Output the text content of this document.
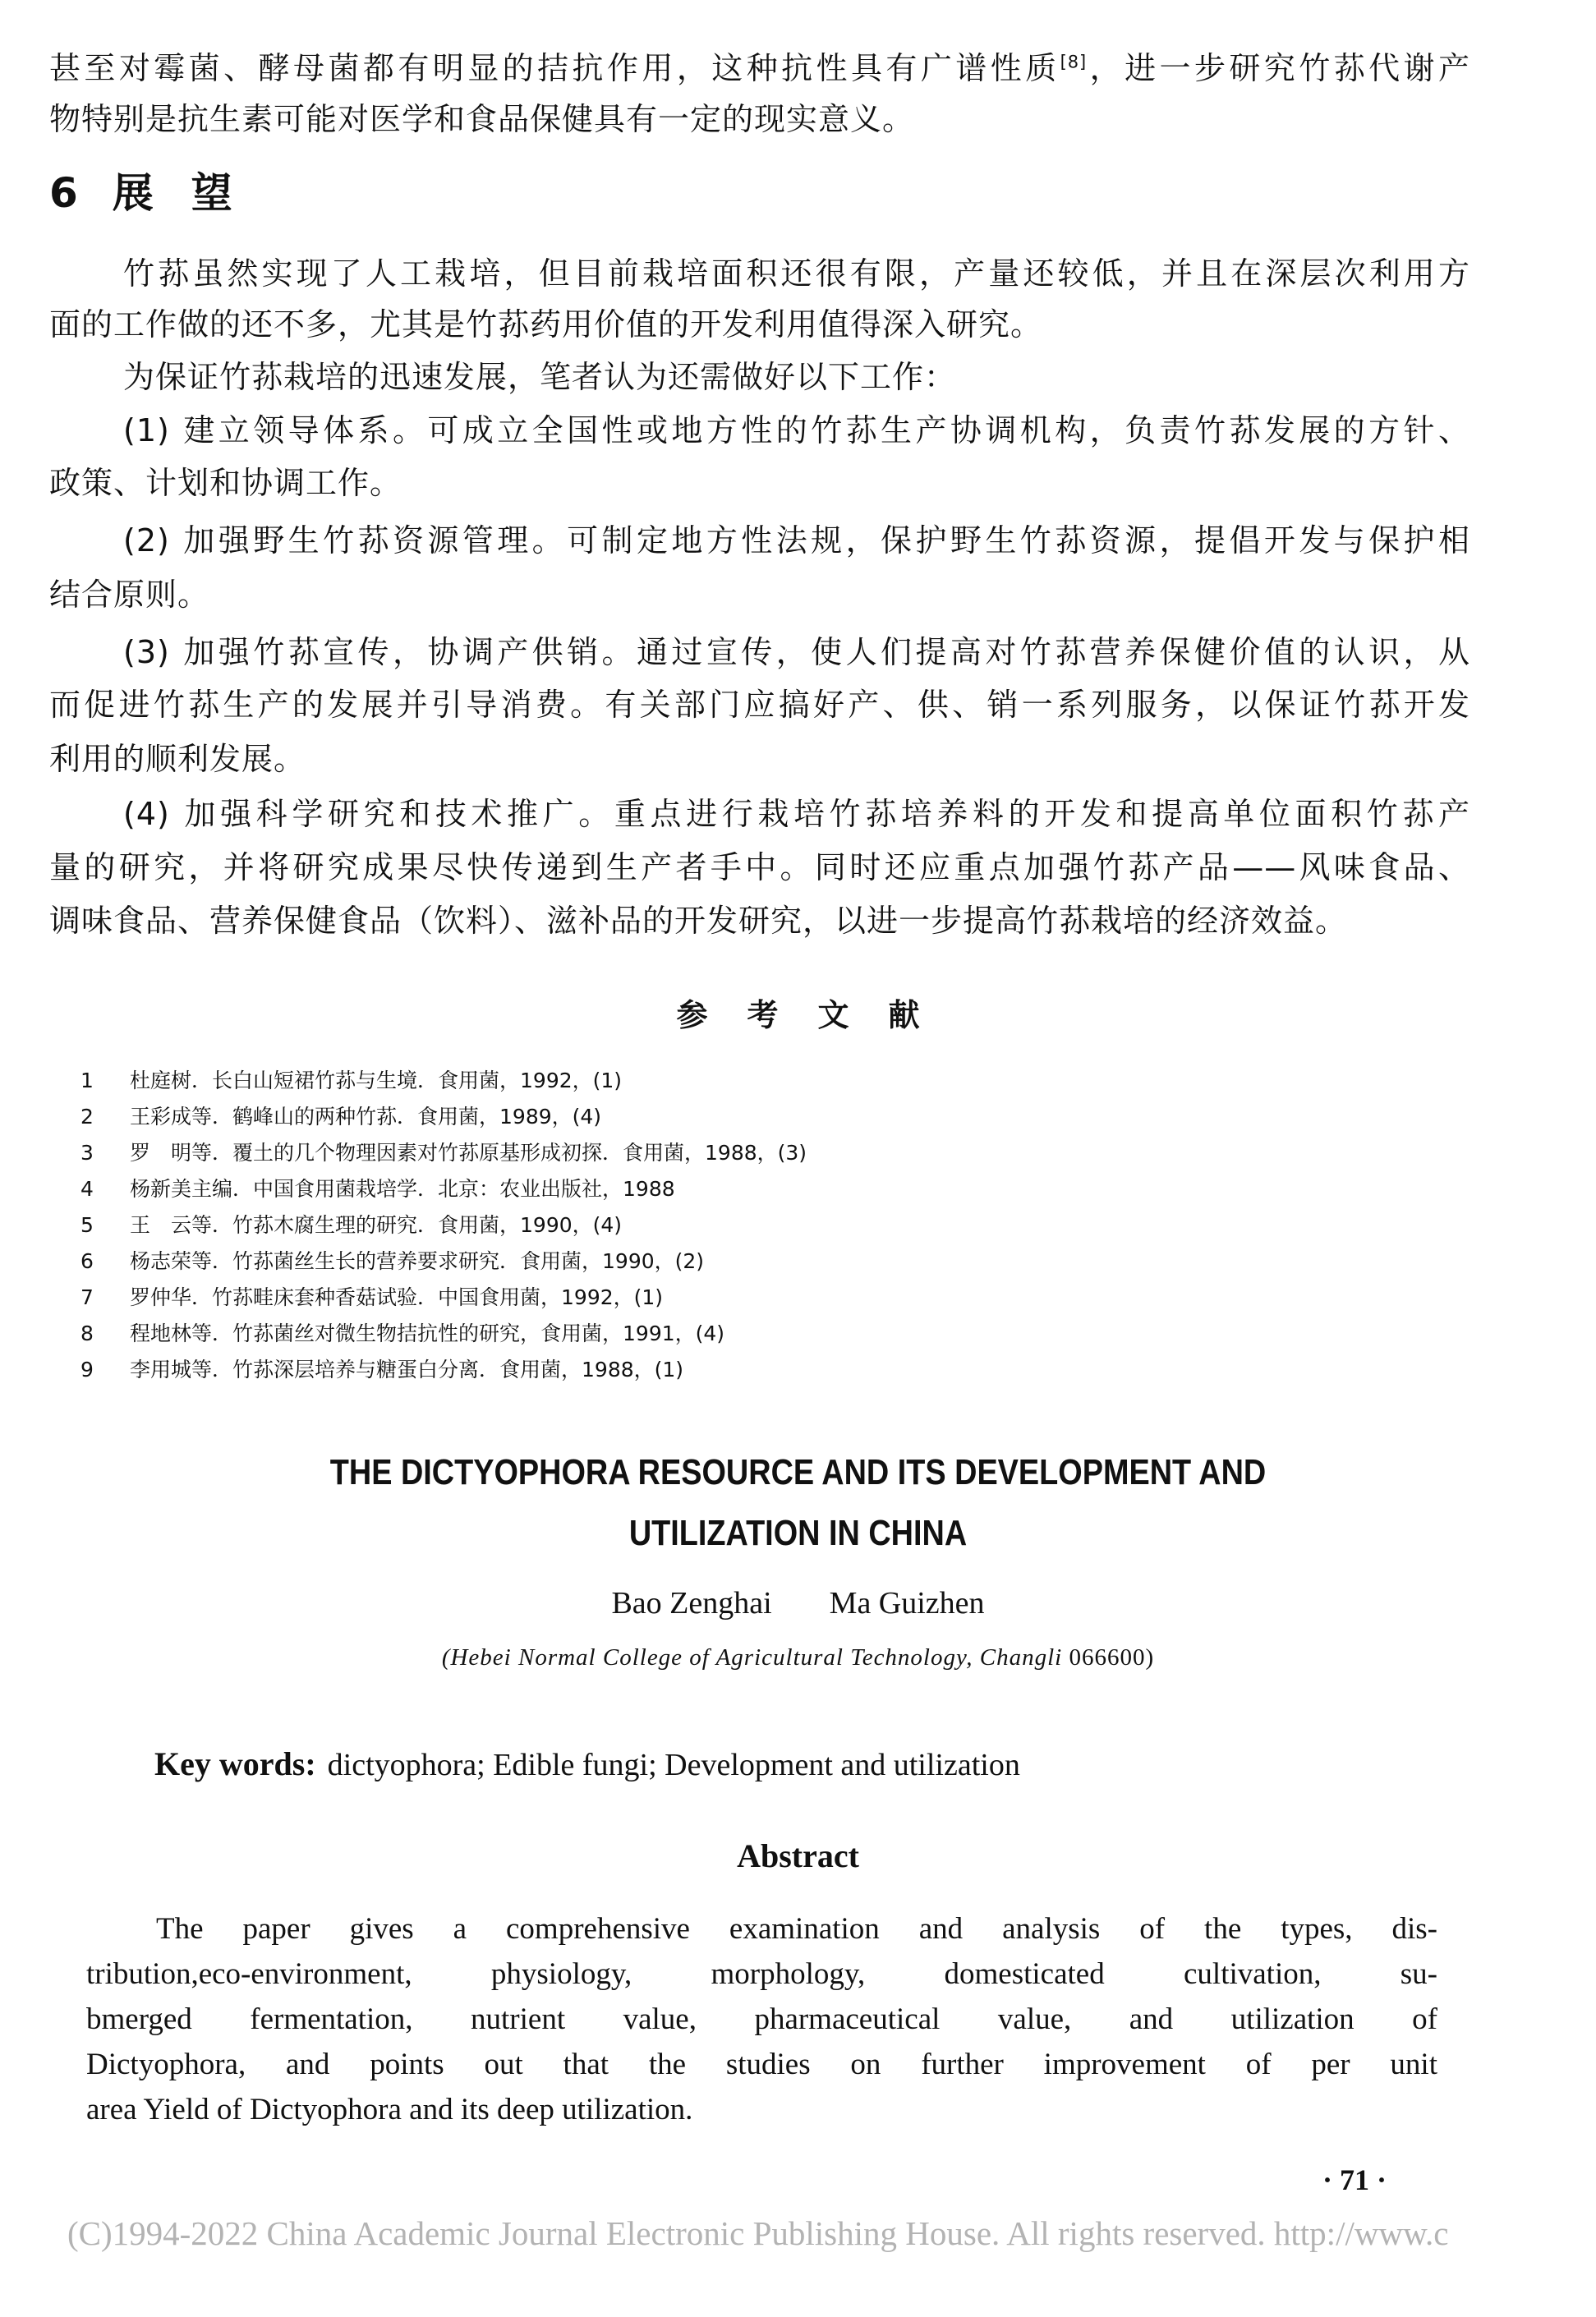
甚至对霉菌、酵母菌都有明显的拮抗作用，这种抗性具有广谱性质[8]，进一步研究竹荪代谢产
物特别是抗生素可能对医学和食品保健具有一定的现实意义。
6 展 望
竹荪虽然实现了人工栽培，但目前栽培面积还很有限，产量还较低，并且在深层次利用方
面的工作做的还不多，尤其是竹荪药用价值的开发利用值得深入研究。
为保证竹荪栽培的迅速发展，笔者认为还需做好以下工作：
(1) 建立领导体系。可成立全国性或地方性的竹荪生产协调机构，负责竹荪发展的方针、
政策、计划和协调工作。
(2) 加强野生竹荪资源管理。可制定地方性法规，保护野生竹荪资源，提倡开发与保护相
结合原则。
(3) 加强竹荪宣传，协调产供销。通过宣传，使人们提高对竹荪营养保健价值的认识，从
而促进竹荪生产的发展并引导消费。有关部门应搞好产、供、销一系列服务，以保证竹荪开发
利用的顺利发展。
(4) 加强科学研究和技术推广。重点进行栽培竹荪培养料的开发和提高单位面积竹荪产
量的研究，并将研究成果尽快传递到生产者手中。同时还应重点加强竹荪产品——风味食品、
调味食品、营养保健食品（饮料）、滋补品的开发研究，以进一步提高竹荪栽培的经济效益。
参 考 文 献
1 杜庭树．长白山短裙竹荪与生境．食用菌，1992，(1)
2 王彩成等．鹤峰山的两种竹荪．食用菌，1989，(4)
3 罗　明等．覆土的几个物理因素对竹荪原基形成初探．食用菌，1988，(3)
4 杨新美主编．中国食用菌栽培学．北京：农业出版社，1988
5 王　云等．竹荪木腐生理的研究．食用菌，1990，(4)
6 杨志荣等．竹荪菌丝生长的营养要求研究．食用菌，1990，(2)
7 罗仲华．竹荪畦床套种香菇试验．中国食用菌，1992，(1)
8 程地林等．竹荪菌丝对微生物拮抗性的研究，食用菌，1991，(4)
9 李用城等．竹荪深层培养与糖蛋白分离．食用菌，1988，(1)
THE DICTYOPHORA RESOURCE AND ITS DEVELOPMENT AND
UTILIZATION IN CHINA
Bao Zenghai Ma Guizhen
(Hebei Normal College of Agricultural Technology, Changli 066600)
Key words: dictyophora; Edible fungi; Development and utilization
Abstract
The paper gives a comprehensive examination and analysis of the types, dis-
tribution,eco-environment, physiology, morphology, domesticated cultivation, su-
bmerged fermentation, nutrient value, pharmaceutical value, and utilization of
Dictyophora, and points out that the studies on further improvement of per unit
area Yield of Dictyophora and its deep utilization.
· 71 ·
(C)1994-2022 China Academic Journal Electronic Publishing House. All rights reserved. http://www.c
